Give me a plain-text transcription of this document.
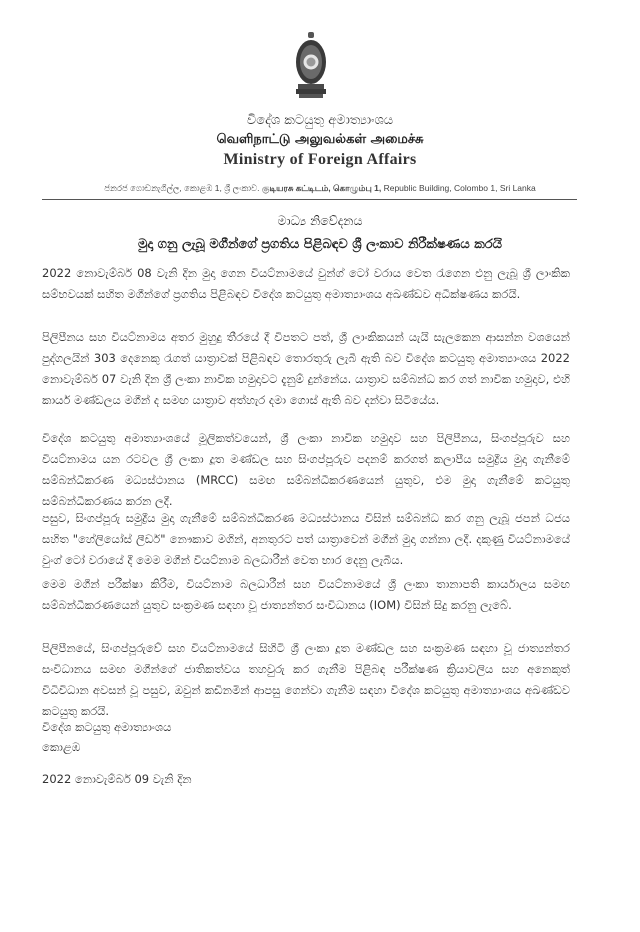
විදේශ කටයුතු අමාත්‍යාංශය
வெளிநாட்டு அலுவல்கள் அமைச்சு
Ministry of Foreign Affairs
ජනරජ ගොඩනැගිල්ල, කොළඹ 1, ශ්‍රී ලංකාව. குடியரசு கட்டிடம், கொழும்பு 1, Republic Building, Colombo 1, Sri Lanka
මාධ්‍ය නිවේදනය
මුදා ගනු ලැබූ මගීන්ගේ ප්‍රගතිය පිළිබඳව ශ්‍රී ලංකාව නිරීක්ෂණය කරයි
2022 නොවැම්බර් 08 වැනි දින මුදා ගෙන වියට්නාමයේ වුන්ග් ටෝ වරාය වෙත රැගෙන එනු ලැබූ ශ්‍රී ලාංකික සම්භවයක් සහිත මගීන්ගේ ප්‍රගතිය පිළිබඳව විදේශ කටයුතු අමාත්‍යාංශය අඛණ්ඩව අධීක්ෂණය කරයි.
පිලිපීනය සහ වියට්නාමය අතර මුහුදු තීරයේ දී විපතට පත්, ශ්‍රී ලාංකිකයන් යැයි සැලකෙන ආසන්න වශයෙන් පුද්ගලයින් 303 දෙනෙකු රැගත් යාත්‍රාවක් පිළිබඳව තොරතුරු ලැබී ඇති බව විදේශ කටයුතු අමාත්‍යාංශය 2022 නොවැම්බර් 07 වැනි දින ශ්‍රී ලංකා නාවික හමුදාවට දැනුම් දුන්නේය. යාත්‍රාව සම්බන්ධ කර ගත් නාවික හමුදාව, එහි කාර්ය මණ්ඩලය මගීන් ද සමඟ යාත්‍රාව අත්හැර දමා ගොස් ඇති බව දන්වා සිටියේය.
විදේශ කටයුතු අමාත්‍යාංශයේ මූලිකත්වයෙන්, ශ්‍රී ලංකා නාවික හමුදාව සහ පිලිපීනය, සිංගප්පූරුව සහ වියට්නාමය යන රටවල ශ්‍රී ලංකා දූත මණ්ඩල සහ සිංගප්පූරුව පදනම් කරගත් කලාපීය සමුද්‍රීය මුදා ගැනීමේ සම්බන්ධීකරණ මධ්‍යස්ථානය (MRCC) සමඟ සම්බන්ධීකරණයෙන් යුතුව, එම මුදා ගැනීමේ කටයුතු සම්බන්ධීකරණය කරන ලදී.
පසුව, සිංගප්පූරු සමුද්‍රීය මුදා ගැනීමේ සම්බන්ධීකරණ මධ්‍යස්ථානය විසින් සම්බන්ධ කර ගනු ලැබූ ජපන් ධජය සහිත "හේලියෝස් ලීඩර්" නෞකාව මගින්, අනතුරට පත් යාත්‍රාවෙන් මගීන් මුදා ගන්නා ලදී. දකුණු වියට්නාමයේ වුංග් ටෝ වරායේ දී මෙම මගීන් වියට්නාම බලධාරීන් වෙත භාර දෙනු ලැබීය.
මෙම මගීන් පරීක්ෂා කිරීම, වියට්නාම බලධාරීන් සහ වියට්නාමයේ ශ්‍රී ලංකා තානාපති කාර්යාලය සමඟ සම්බන්ධීකරණයෙන් යුතුව සංක්‍රමණ සඳහා වූ ජාත්‍යන්තර සංවිධානය (IOM) විසින් සිදු කරනු ලැබේ.
පිලිපීනයේ, සිංගප්පූරුවේ සහ වියට්නාමයේ සිහිටි ශ්‍රී ලංකා දූත මණ්ඩල සහ සංක්‍රමණ සඳහා වූ ජාත්‍යන්තර සංවිධානය සමඟ මගීන්ගේ ජාතිකත්වය තහවුරු කර ගැනීම පිළිබඳ පරීක්ෂණ ක්‍රියාවලිය සහ අනෙකුත් විධිවිධාන අවසන් වූ පසුව, ඔවුන් කඩිනමින් ආපසු ගෙන්වා ගැනීම සඳහා විදේශ කටයුතු අමාත්‍යාංශය අඛණ්ඩව කටයුතු කරයි.
විදේශ කටයුතු අමාත්‍යාංශය
කොළඹ
2022 නොවැම්බර් 09 වැනි දින
